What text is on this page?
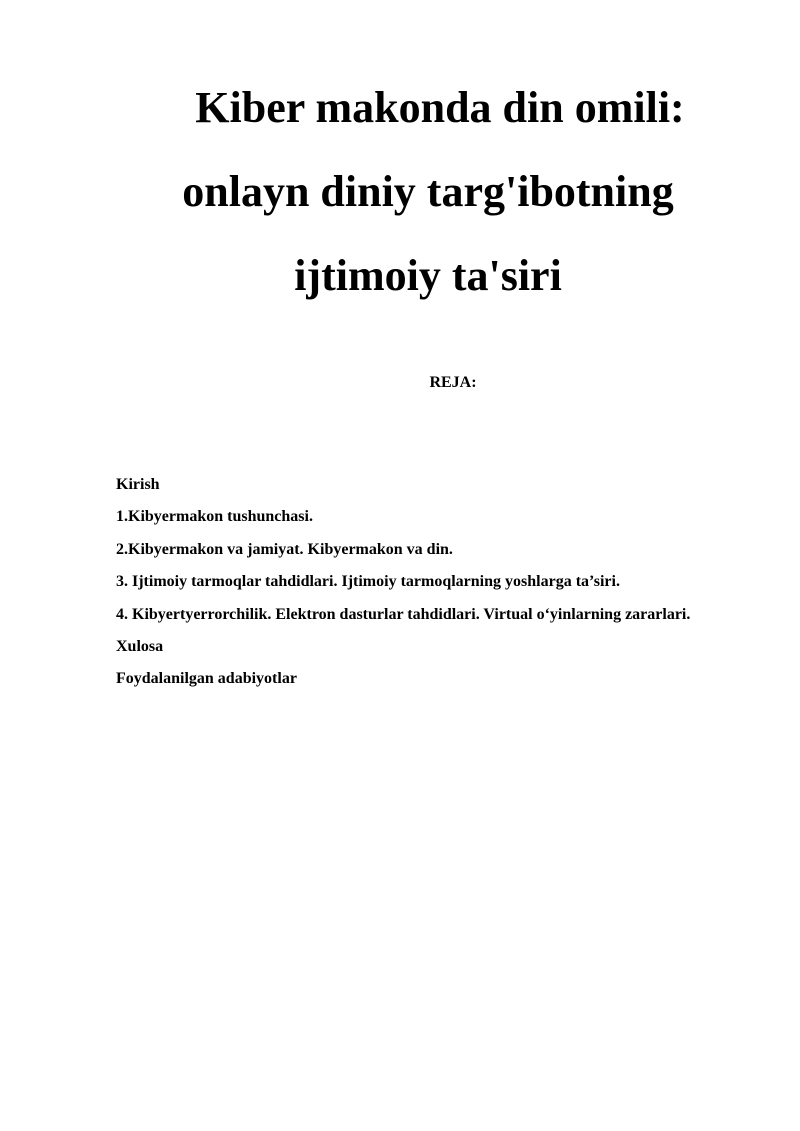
Kiber makonda din omili:
onlayn diniy targ'ibotning
ijtimoiy ta'siri

REJA:

Kirish
1.Kibyermakon tushunchasi.
2.Kibyermakon va jamiyat. Kibyermakon va din.
3. Ijtimoiy tarmoqlar tahdidlari. Ijtimoiy tarmoqlarning yoshlarga ta’siri.
4. Kibyertyerrorchilik. Elektron dasturlar tahdidlari. Virtual o‘yinlarning zararlari.
Xulosa
Foydalanilgan adabiyotlar
